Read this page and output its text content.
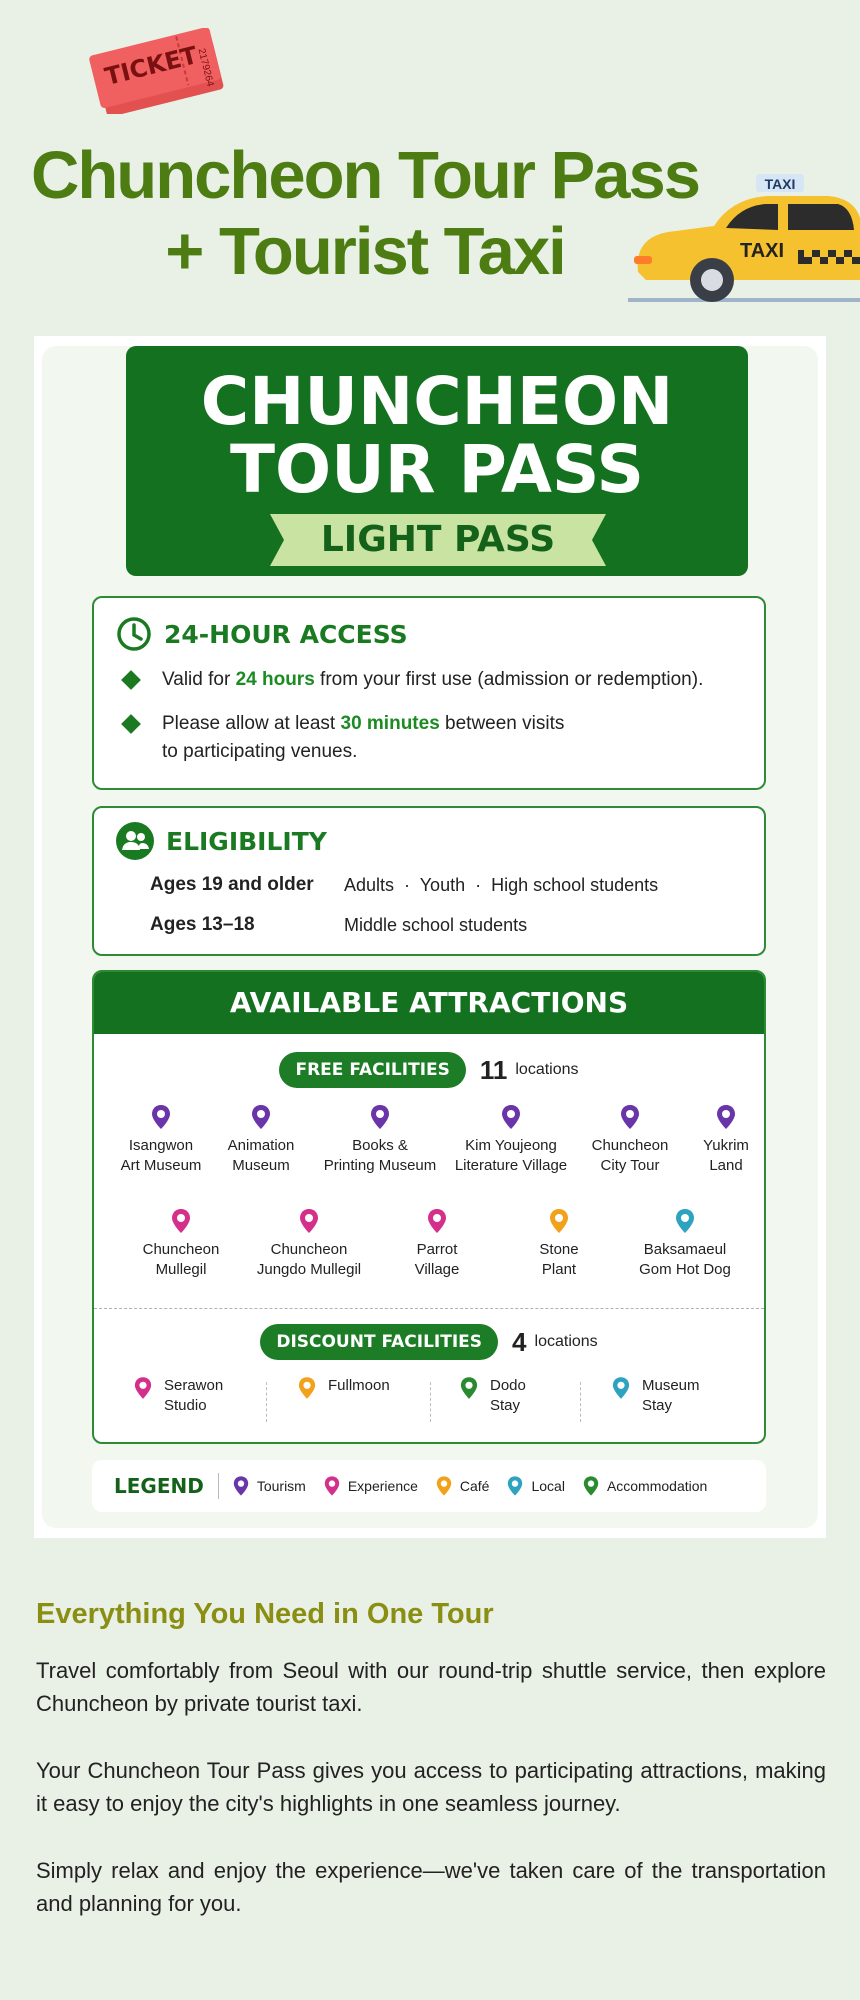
TICKET
2179264
Chuncheon Tour Pass
+ Tourist Taxi
TAXI
TAXI
CHUNCHEON
TOUR PASS
LIGHT PASS
24-HOUR ACCESS
Valid for 24 hours from your first use (admission or redemption).
Please allow at least 30 minutes between visits
to participating venues.
ELIGIBILITY
Ages 19 and older	Adults  ·  Youth  ·  High school students
Ages 13–18	Middle school students
AVAILABLE ATTRACTIONS
FREE FACILITIES	11 locations
Isangwon
Art Museum
Animation
Museum
Books &
Printing Museum
Kim Youjeong
Literature Village
Chuncheon
City Tour
Yukrim
Land
Chuncheon
Mullegil
Chuncheon
Jungdo Mullegil
Parrot
Village
Stone
Plant
Baksamaeul
Gom Hot Dog
DISCOUNT FACILITIES	4 locations
Serawon
Studio
Fullmoon	Dodo
Stay
Museum
Stay
LEGEND	Tourism	Experience	Café	Local	Accommodation
Everything You Need in One Tour
Travel comfortably from Seoul with our round-trip shuttle service, then explore Chuncheon by private tourist taxi.
Your Chuncheon Tour Pass gives you access to participating attractions, making it easy to enjoy the city's highlights in one seamless journey.
Simply relax and enjoy the experience—we've taken care of the transportation and planning for you.
